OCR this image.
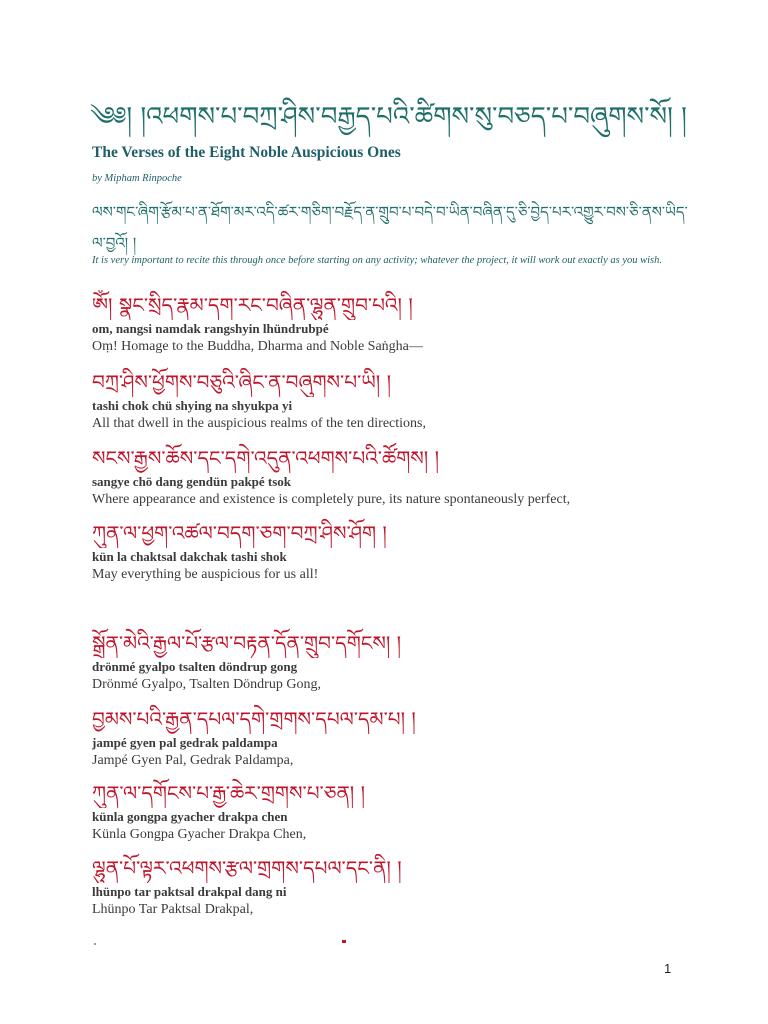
༄༅། །འཕགས་པ་བཀྲ་ཤིས་བརྒྱད་པའི་ཚིགས་སུ་བཅད་པ་བཞུགས་སོ། །
The Verses of the Eight Noble Auspicious Ones
by Mipham Rinpoche
ལས་གང་ཞིག་རྩོམ་པ་ན་ཐོག་མར་འདི་ཚར་གཅིག་བརྗོད་ན་གྲུབ་པ་བདེ་བ་ཡིན་བཞིན་དུ་ཅི་བྱེད་པར་འགྱུར་བས་ཅི་ནས་ཡིད་ལ་བྱའོ། །
It is very important to recite this through once before starting on any activity; whatever the project, it will work out exactly as you wish.
ཨོཾ། སྣང་སྲིད་རྣམ་དག་རང་བཞིན་ལྷུན་གྲུབ་པའི། །
om, nangsi namdak rangshyin lhündrubpé
Oṃ! Homage to the Buddha, Dharma and Noble Saṅgha—
བཀྲ་ཤིས་ཕྱོགས་བཅུའི་ཞིང་ན་བཞུགས་པ་ཡི། །
tashi chok chü shying na shyukpa yi
All that dwell in the auspicious realms of the ten directions,
སངས་རྒྱས་ཆོས་དང་དགེ་འདུན་འཕགས་པའི་ཚོགས། །
sangye chö dang gendün pakpé tsok
Where appearance and existence is completely pure, its nature spontaneously perfect,
ཀུན་ལ་ཕྱག་འཚལ་བདག་ཅག་བཀྲ་ཤིས་ཤོག །
kün la chaktsal dakchak tashi shok
May everything be auspicious for us all!
སྒྲོན་མེའི་རྒྱལ་པོ་རྩལ་བརྟན་དོན་གྲུབ་དགོངས། །
drönmé gyalpo tsalten döndrup gong
Drönmé Gyalpo, Tsalten Döndrup Gong,
བྱམས་པའི་རྒྱན་དཔལ་དགེ་གྲགས་དཔལ་དམ་པ། །
jampé gyen pal gedrak paldampa
Jampé Gyen Pal, Gedrak Paldampa,
ཀུན་ལ་དགོངས་པ་རྒྱ་ཆེར་གྲགས་པ་ཅན། །
künla gongpa gyacher drakpa chen
Künla Gongpa Gyacher Drakpa Chen,
ལྷུན་པོ་ལྟར་འཕགས་རྩལ་གྲགས་དཔལ་དང་ནི། །
lhünpo tar paktsal drakpal dang ni
Lhünpo Tar Paktsal Drakpal,
1
